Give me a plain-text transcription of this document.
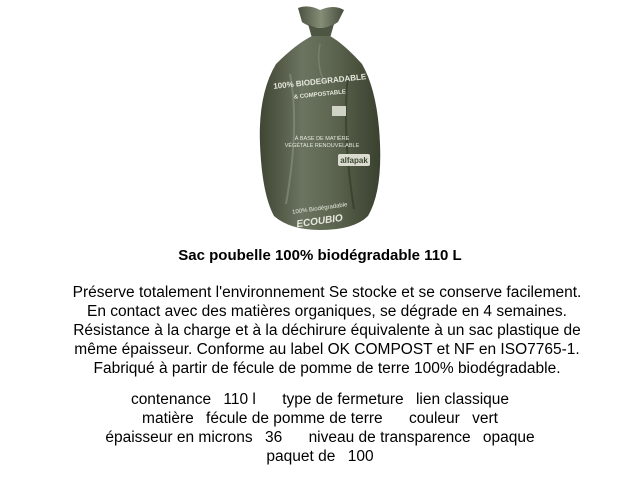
100% BIODEGRADABLE
& COMPOSTABLE
À BASE DE MATIÈRE
VÉGÉTALE RENOUVELABLE
alfapak
100% Biodégradable
ECOUBIO
Sac poubelle 100% biodégradable 110 L
Préserve totalement l'environnement Se stocke et se conserve facilement.
En contact avec des matières organiques, se dégrade en 4 semaines.
Résistance à la charge et à la déchirure équivalente à un sac plastique de
même épaisseur. Conforme au label OK COMPOST et NF en ISO7765-1.
Fabriqué à partir de fécule de pomme de terre 100% biodégradable.
contenance 110 l type de fermeture lien classique
matière fécule de pomme de terre couleur vert
épaisseur en microns 36 niveau de transparence opaque
paquet de 100
